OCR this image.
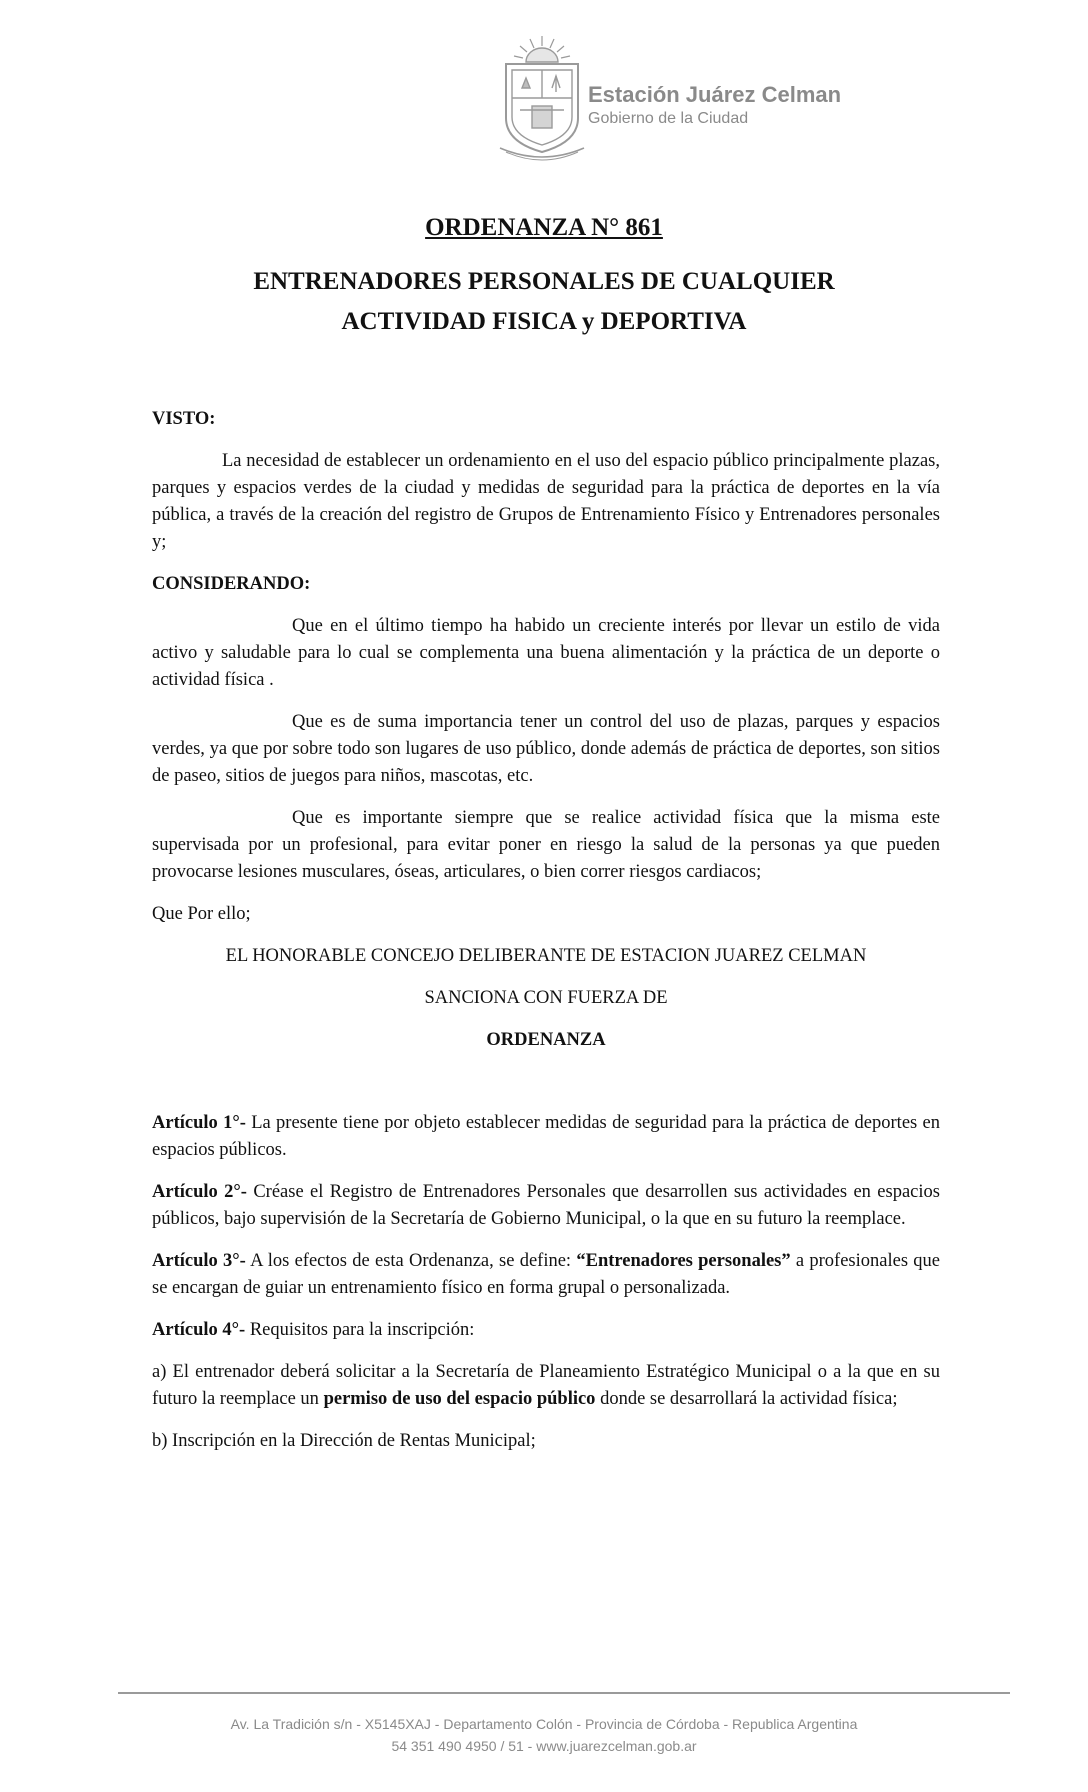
Estación Juárez Celman
Gobierno de la Ciudad
ORDENANZA N° 861
ENTRENADORES PERSONALES DE CUALQUIER
ACTIVIDAD FISICA y DEPORTIVA

VISTO:

La necesidad de establecer un ordenamiento en el uso del espacio público principalmente plazas, parques y espacios verdes de la ciudad y medidas de seguridad para la práctica de deportes en la vía pública, a través de la creación del registro de Grupos de Entrenamiento Físico y Entrenadores personales y;

CONSIDERANDO:

Que en el último tiempo ha habido un creciente interés por llevar un estilo de vida activo y saludable para lo cual se complementa una buena alimentación y la práctica de un deporte o actividad física .

Que es de suma importancia tener un control del uso de plazas, parques y espacios verdes, ya que por sobre todo son lugares de uso público, donde además de práctica de deportes, son sitios de paseo, sitios de juegos para niños, mascotas, etc.

Que es importante siempre que se realice actividad física que la misma este supervisada por un profesional, para evitar poner en riesgo la salud de la personas ya que pueden provocarse lesiones musculares, óseas, articulares, o bien correr riesgos cardiacos;

Que Por ello;

EL HONORABLE CONCEJO DELIBERANTE DE ESTACION JUAREZ CELMAN

SANCIONA CON FUERZA DE

ORDENANZA

Artículo 1°- La presente tiene por objeto establecer medidas de seguridad para la práctica de deportes en espacios públicos.

Artículo 2°- Créase el Registro de Entrenadores Personales que desarrollen sus actividades en espacios públicos, bajo supervisión de la Secretaría de Gobierno Municipal, o la que en su futuro la reemplace.

Artículo 3°- A los efectos de esta Ordenanza, se define: “Entrenadores personales” a profesionales que se encargan de guiar un entrenamiento físico en forma grupal o personalizada.

Artículo 4°- Requisitos para la inscripción:

a) El entrenador deberá solicitar a la Secretaría de Planeamiento Estratégico Municipal o a la que en su futuro la reemplace un permiso de uso del espacio público donde se desarrollará la actividad física;

b) Inscripción en la Dirección de Rentas Municipal;

Av. La Tradición s/n - X5145XAJ - Departamento Colón - Provincia de Córdoba - Republica Argentina
54 351 490 4950 / 51 - www.juarezcelman.gob.ar
